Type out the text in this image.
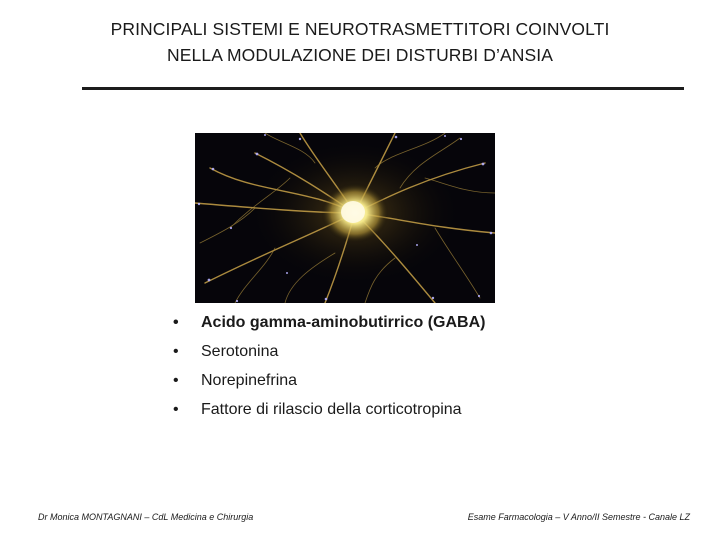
PRINCIPALI SISTEMI E NEUROTRASMETTITORI COINVOLTI
NELLA MODULAZIONE DEI DISTURBI D’ANSIA
• Acido gamma-aminobutirrico (GABA)
• Serotonina
• Norepinefrina
• Fattore di rilascio della corticotropina
Dr Monica MONTAGNANI – CdL Medicina e Chirurgia	Esame Farmacologia – V Anno/II Semestre - Canale LZ
